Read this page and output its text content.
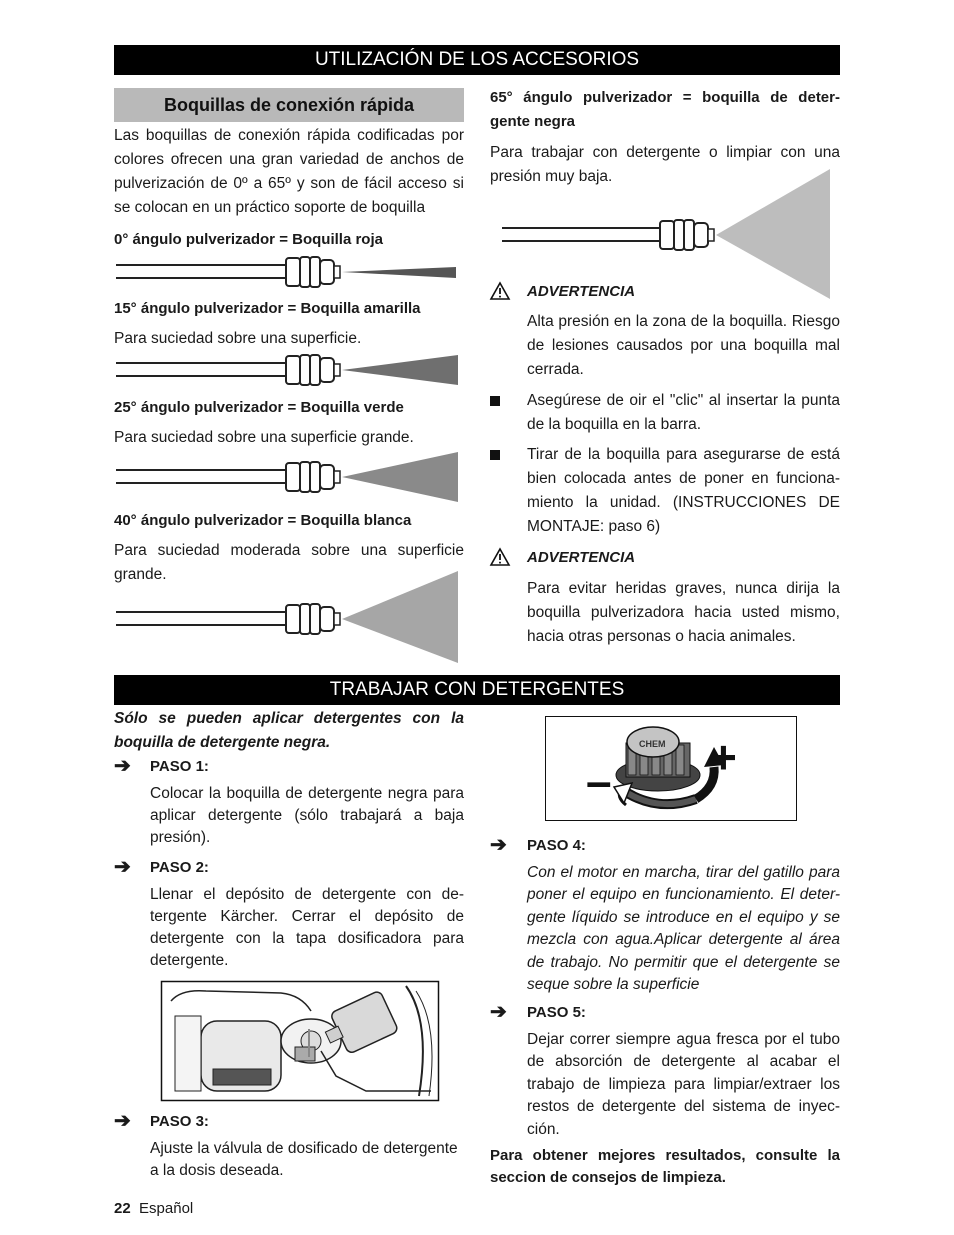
UTILIZACIÓN DE LOS ACCESORIOS
Boquillas de conexión rápida

Las boquillas de conexión rápida codificadas por colores ofrecen una gran variedad de anchos de pulverización de 0º a 65º y son de fácil acceso si se colocan en un práctico soporte de boquilla

0° ángulo pulverizador = Boquilla roja
15° ángulo pulverizador = Boquilla amarilla
Para suciedad sobre una superficie.
25° ángulo pulverizador = Boquilla verde
Para suciedad sobre una superficie grande.
40° ángulo pulverizador = Boquilla blanca
Para suciedad moderada sobre una superficie grande.
65° ángulo pulverizador = boquilla de deter-
gente negra
Para trabajar con detergente o limpiar con una presión muy baja.
ADVERTENCIA
Alta presión en la zona de la boquilla. Riesgo de lesiones causados por una boquilla mal cerrada.
Asegúrese de oir el "clic" al insertar la punta de la boquilla en la barra.
Tirar de la boquilla para asegurarse de está bien colocada antes de poner en funciona- miento la unidad. (INSTRUCCIONES DE MONTAJE: paso 6)
ADVERTENCIA
Para evitar heridas graves, nunca dirija la boquilla pulverizadora hacia usted mismo, hacia otras personas o hacia animales.
TRABAJAR CON DETERGENTES
Sólo se pueden aplicar detergentes con la boquilla de detergente negra.
➔ PASO 1:
Colocar la boquilla de detergente negra para aplicar detergente (sólo trabajará a baja presión).
➔ PASO 2:
Llenar el depósito de detergente con de- tergente Kärcher. Cerrar el depósito de detergente con la tapa dosificadora para detergente.
➔ PASO 3:
Ajuste la válvula de dosificado de detergente a la dosis deseada.
CHEM
– +
➔ PASO 4:
Con el motor en marcha, tirar del gatillo para poner el equipo en funcionamiento. El deter- gente líquido se introduce en el equipo y se mezcla con agua.Aplicar detergente al área de trabajo. No permitir que el detergente se seque sobre la superficie
➔ PASO 5:
Dejar correr siempre agua fresca por el tubo de absorción de detergente al acabar el trabajo de limpieza para limpiar/extraer los restos de detergente del sistema de inyec- ción.
Para obtener mejores resultados, consulte la seccion de consejos de limpieza.
22 Español
